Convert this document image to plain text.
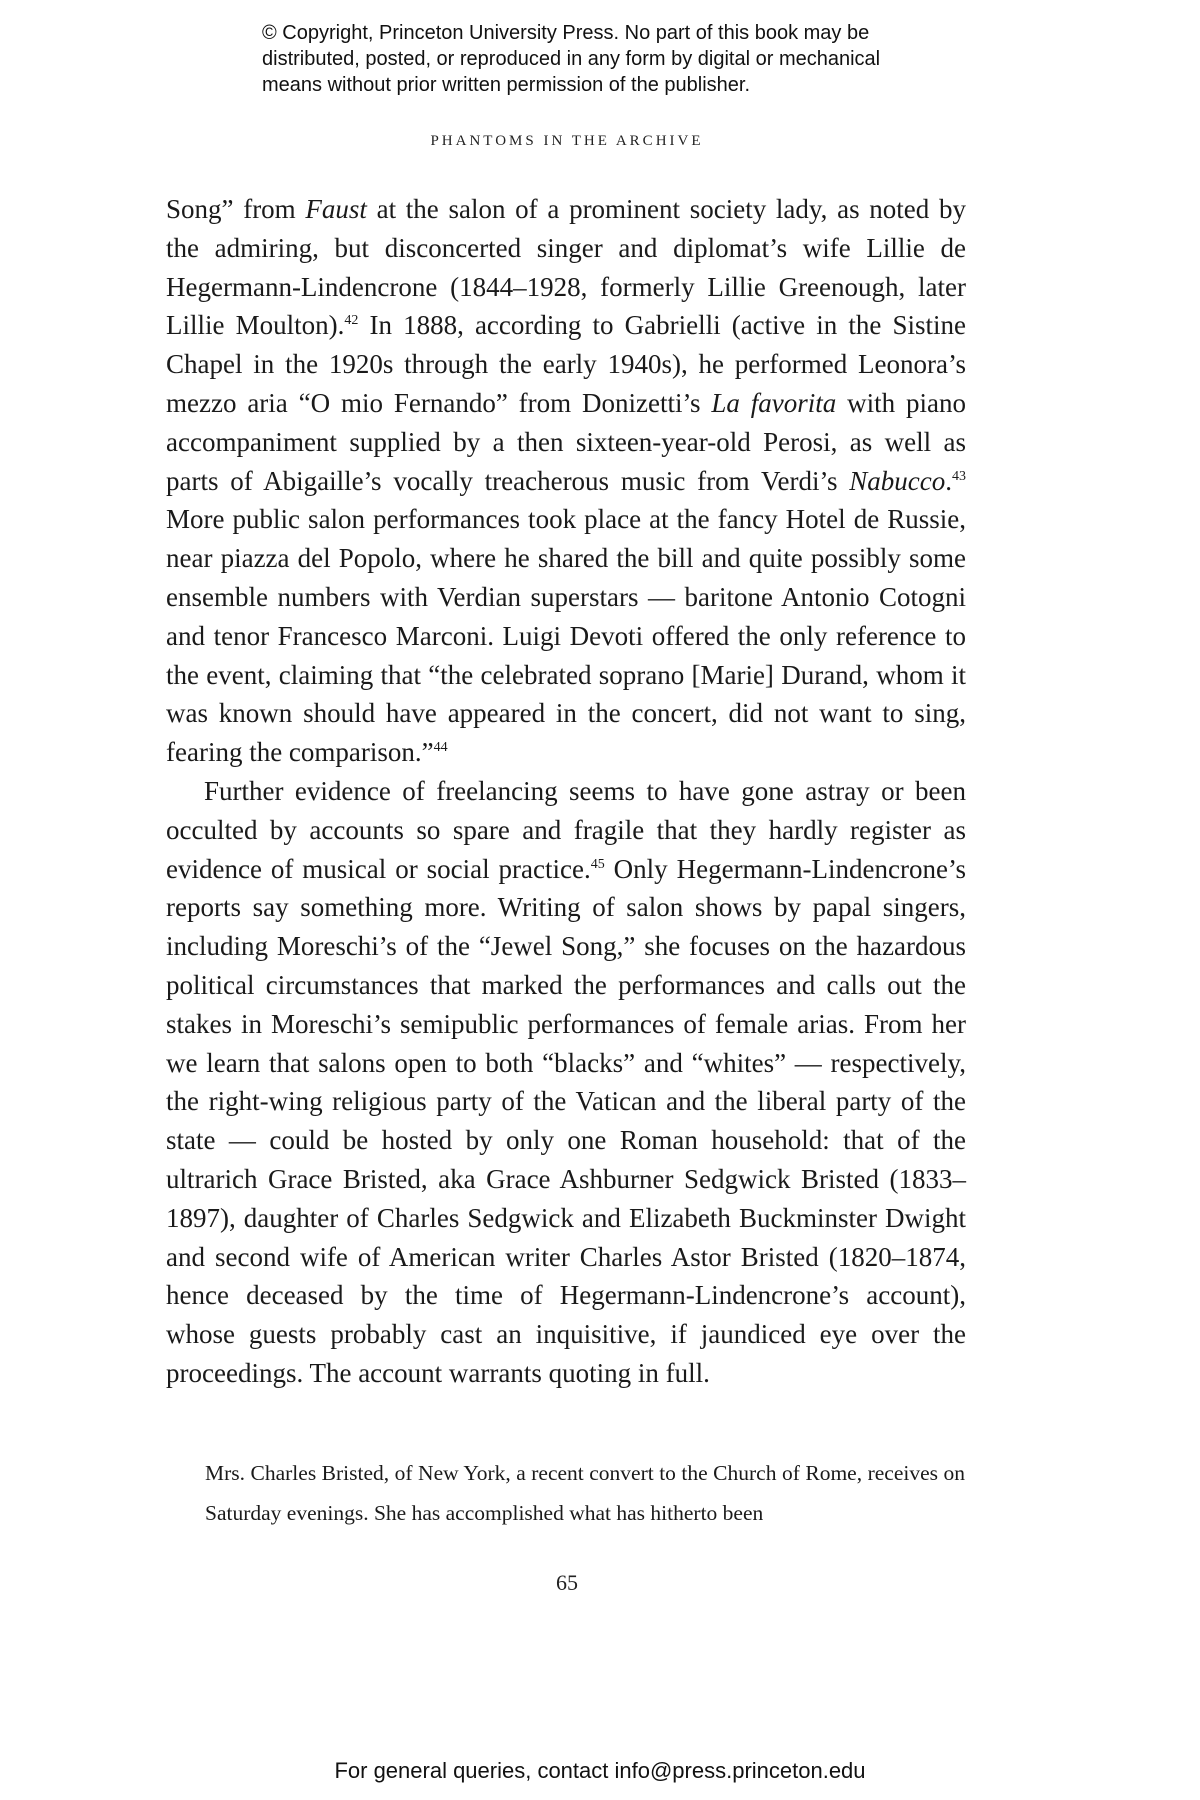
© Copyright, Princeton University Press. No part of this book may be
distributed, posted, or reproduced in any form by digital or mechanical
means without prior written permission of the publisher.
PHANTOMS IN THE ARCHIVE

Song” from Faust at the salon of a prominent society lady, as noted by the admiring, but disconcerted singer and diplomat’s wife Lillie de Hegermann-Lindencrone (1844–1928, formerly Lillie Greenough, later Lillie Moulton).$^{42}$ In 1888, according to Gabrielli (active in the Sistine Chapel in the 1920s through the early 1940s), he performed Leonora’s mezzo aria “O mio Fernando” from Donizetti’s La favorita with piano accompaniment supplied by a then sixteen-year-old Perosi, as well as parts of Abigaille’s vocally treacherous music from Verdi’s Nabucco.$^{43}$ More public salon performances took place at the fancy Hotel de Russie, near piazza del Popolo, where he shared the bill and quite possibly some ensemble numbers with Verdian superstars — baritone Antonio Cotogni and tenor Francesco Marconi. Luigi Devoti offered the only reference to the event, claiming that “the celebrated soprano [Marie] Durand, whom it was known should have appeared in the concert, did not want to sing, fearing the comparison.”$^{44}$

Further evidence of freelancing seems to have gone astray or been occulted by accounts so spare and fragile that they hardly register as evidence of musical or social practice.$^{45}$ Only Hegermann-Lindencrone’s reports say something more. Writing of salon shows by papal singers, including Moreschi’s of the “Jewel Song,” she focuses on the hazardous political circumstances that marked the performances and calls out the stakes in Moreschi’s semipublic performances of female arias. From her we learn that salons open to both “blacks” and “whites” — respectively, the right-wing religious party of the Vatican and the liberal party of the state — could be hosted by only one Roman household: that of the ultrarich Grace Bristed, aka Grace Ashburner Sedgwick Bristed (1833–1897), daughter of Charles Sedgwick and Elizabeth Buckminster Dwight and second wife of American writer Charles Astor Bristed (1820–1874, hence deceased by the time of Hegermann-Lindencrone’s account), whose guests probably cast an inquisitive, if jaundiced eye over the proceedings. The account warrants quoting in full.

Mrs. Charles Bristed, of New York, a recent convert to the Church of Rome, receives on Saturday evenings. She has accomplished what has hitherto been

65
For general queries, contact info@press.princeton.edu
